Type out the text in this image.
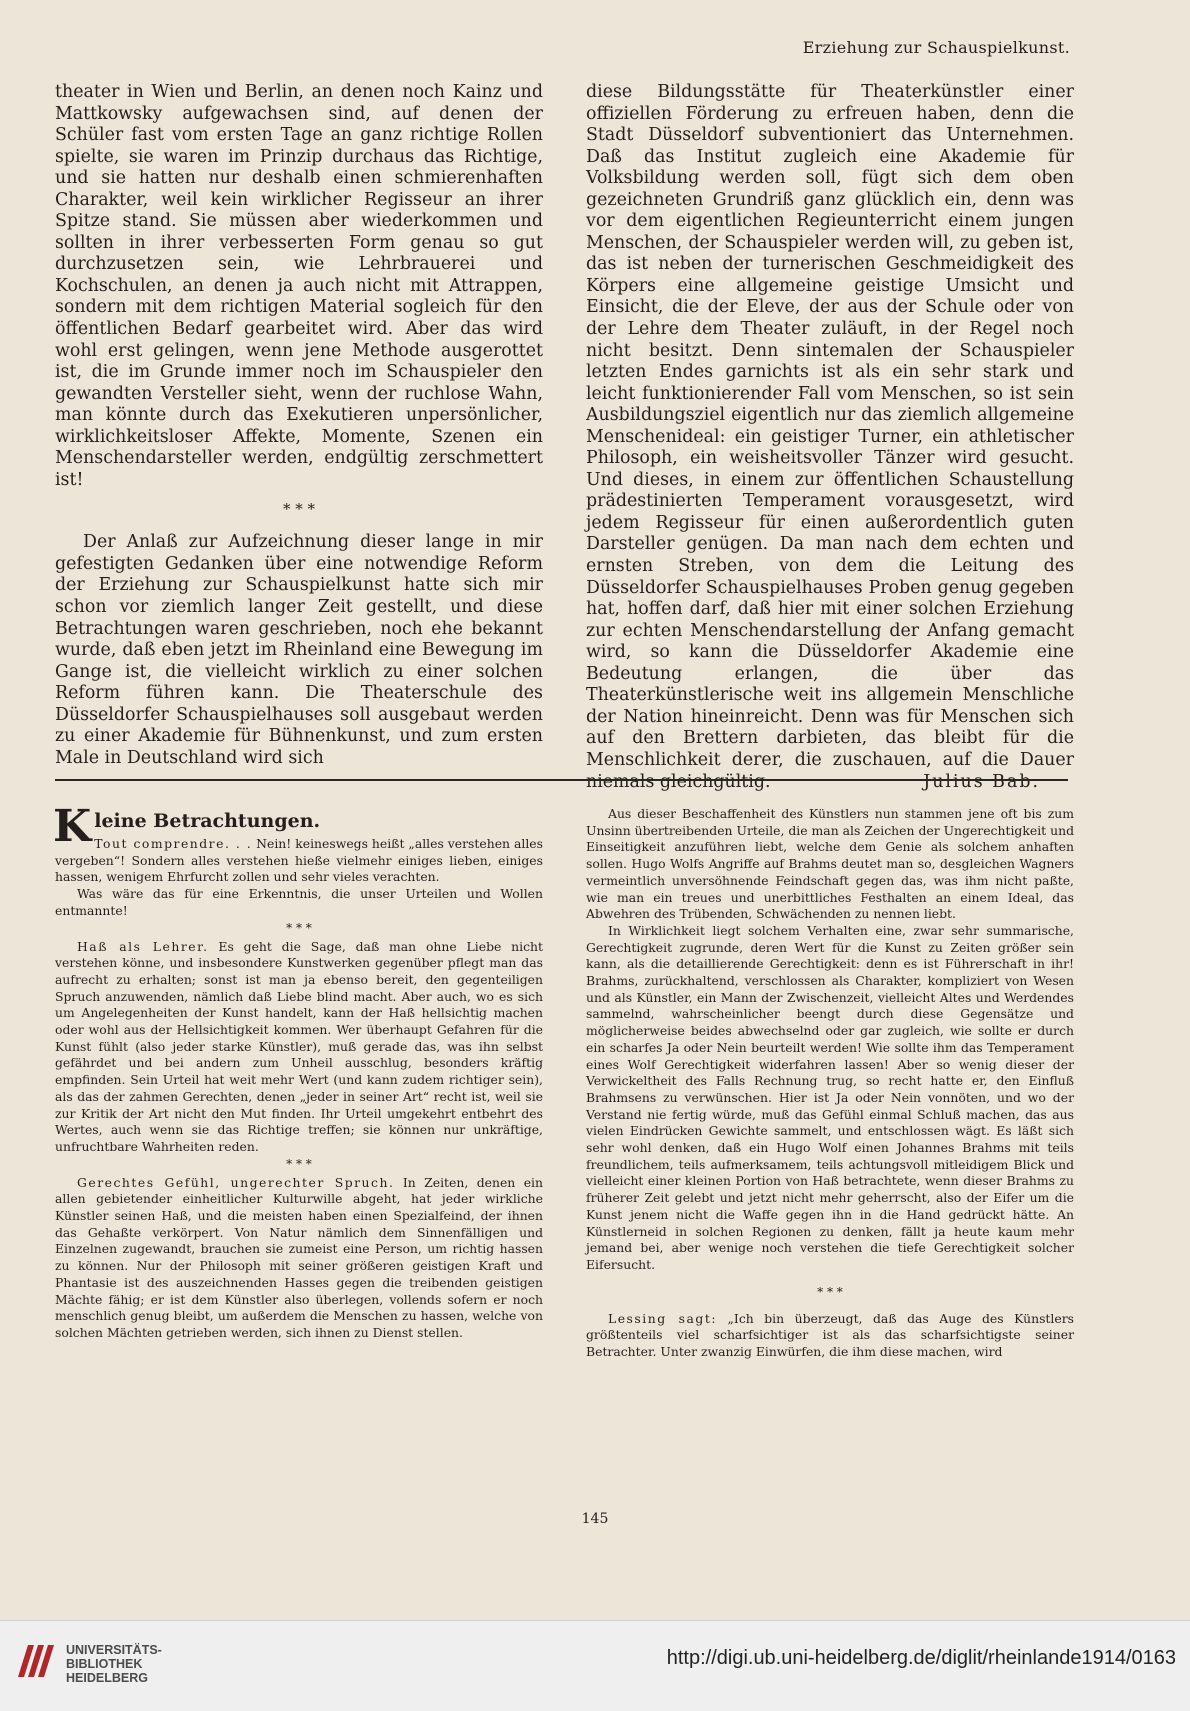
Erziehung zur Schauspielkunst.

theater in Wien und Berlin, an denen noch Kainz und Mattkowsky aufgewachsen sind, auf denen der Schüler fast vom ersten Tage an ganz richtige Rollen spielte, sie waren im Prinzip durchaus das Richtige, und sie hatten nur deshalb einen schmierenhaften Charakter, weil kein wirklicher Regisseur an ihrer Spitze stand. Sie müssen aber wiederkommen und sollten in ihrer verbesserten Form genau so gut durchzusetzen sein, wie Lehrbrauerei und Kochschulen, an denen ja auch nicht mit Attrappen, sondern mit dem richtigen Material sogleich für den öffentlichen Bedarf gearbeitet wird. Aber das wird wohl erst gelingen, wenn jene Methode ausgerottet ist, die im Grunde immer noch im Schauspieler den gewandten Versteller sieht, wenn der ruchlose Wahn, man könnte durch das Exekutieren unpersönlicher, wirklichkeitsloser Affekte, Momente, Szenen ein Menschendarsteller werden, endgültig zerschmettert ist!

* * *

Der Anlaß zur Aufzeichnung dieser lange in mir gefestigten Gedanken über eine notwendige Reform der Erziehung zur Schauspielkunst hatte sich mir schon vor ziemlich langer Zeit gestellt, und diese Betrachtungen waren geschrieben, noch ehe bekannt wurde, daß eben jetzt im Rheinland eine Bewegung im Gange ist, die vielleicht wirklich zu einer solchen Reform führen kann. Die Theaterschule des Düsseldorfer Schauspielhauses soll ausgebaut werden zu einer Akademie für Bühnenkunst, und zum ersten Male in Deutschland wird sich

diese Bildungsstätte für Theaterkünstler einer offiziellen Förderung zu erfreuen haben, denn die Stadt Düsseldorf subventioniert das Unternehmen. Daß das Institut zugleich eine Akademie für Volksbildung werden soll, fügt sich dem oben gezeichneten Grundriß ganz glücklich ein, denn was vor dem eigentlichen Regieunterricht einem jungen Menschen, der Schauspieler werden will, zu geben ist, das ist neben der turnerischen Geschmeidigkeit des Körpers eine allgemeine geistige Umsicht und Einsicht, die der Eleve, der aus der Schule oder von der Lehre dem Theater zuläuft, in der Regel noch nicht besitzt. Denn sintemalen der Schauspieler letzten Endes garnichts ist als ein sehr stark und leicht funktionierender Fall vom Menschen, so ist sein Ausbildungsziel eigentlich nur das ziemlich allgemeine Menschenideal: ein geistiger Turner, ein athletischer Philosoph, ein weisheitsvoller Tänzer wird gesucht. Und dieses, in einem zur öffentlichen Schaustellung prädestinierten Temperament vorausgesetzt, wird jedem Regisseur für einen außerordentlich guten Darsteller genügen. Da man nach dem echten und ernsten Streben, von dem die Leitung des Düsseldorfer Schauspielhauses Proben genug gegeben hat, hoffen darf, daß hier mit einer solchen Erziehung zur echten Menschendarstellung der Anfang gemacht wird, so kann die Düsseldorfer Akademie eine Bedeutung erlangen, die über das Theaterkünstlerische weit ins allgemein Menschliche der Nation hineinreicht. Denn was für Menschen sich auf den Brettern darbieten, das bleibt für die Menschlichkeit derer, die zuschauen, auf die Dauer niemals gleichgültig.	Julius Bab.

Kleine Betrachtungen.

Tout comprendre. . . Nein! keineswegs heißt „alles verstehen alles vergeben“! Sondern alles verstehen hieße vielmehr einiges lieben, einiges hassen, wenigem Ehrfurcht zollen und sehr vieles verachten.

Was wäre das für eine Erkenntnis, die unser Urteilen und Wollen entmannte!

* * *

Haß als Lehrer. Es geht die Sage, daß man ohne Liebe nicht verstehen könne, und insbesondere Kunstwerken gegenüber pflegt man das aufrecht zu erhalten; sonst ist man ja ebenso bereit, den gegenteiligen Spruch anzuwenden, nämlich daß Liebe blind macht. Aber auch, wo es sich um Angelegenheiten der Kunst handelt, kann der Haß hellsichtig machen oder wohl aus der Hellsichtigkeit kommen. Wer überhaupt Gefahren für die Kunst fühlt (also jeder starke Künstler), muß gerade das, was ihn selbst gefährdet und bei andern zum Unheil ausschlug, besonders kräftig empfinden. Sein Urteil hat weit mehr Wert (und kann zudem richtiger sein), als das der zahmen Gerechten, denen „jeder in seiner Art“ recht ist, weil sie zur Kritik der Art nicht den Mut finden. Ihr Urteil umgekehrt entbehrt des Wertes, auch wenn sie das Richtige treffen; sie können nur unkräftige, unfruchtbare Wahrheiten reden.

* * *

Gerechtes Gefühl, ungerechter Spruch. In Zeiten, denen ein allen gebietender einheitlicher Kulturwille abgeht, hat jeder wirkliche Künstler seinen Haß, und die meisten haben einen Spezialfeind, der ihnen das Gehaßte verkörpert. Von Natur nämlich dem Sinnenfälligen und Einzelnen zugewandt, brauchen sie zumeist eine Person, um richtig hassen zu können. Nur der Philosoph mit seiner größeren geistigen Kraft und Phantasie ist des auszeichnenden Hasses gegen die treibenden geistigen Mächte fähig; er ist dem Künstler also überlegen, vollends sofern er noch menschlich genug bleibt, um außerdem die Menschen zu hassen, welche von solchen Mächten getrieben werden, sich ihnen zu Dienst stellen.

Aus dieser Beschaffenheit des Künstlers nun stammen jene oft bis zum Unsinn übertreibenden Urteile, die man als Zeichen der Ungerechtigkeit und Einseitigkeit anzuführen liebt, welche dem Genie als solchem anhaften sollen. Hugo Wolfs Angriffe auf Brahms deutet man so, desgleichen Wagners vermeintlich unversöhnende Feindschaft gegen das, was ihm nicht paßte, wie man ein treues und unerbittliches Festhalten an einem Ideal, das Abwehren des Trübenden, Schwächenden zu nennen liebt.

In Wirklichkeit liegt solchem Verhalten eine, zwar sehr summarische, Gerechtigkeit zugrunde, deren Wert für die Kunst zu Zeiten größer sein kann, als die detaillierende Gerechtigkeit: denn es ist Führerschaft in ihr! Brahms, zurückhaltend, verschlossen als Charakter, kompliziert von Wesen und als Künstler, ein Mann der Zwischenzeit, vielleicht Altes und Werdendes sammelnd, wahrscheinlicher beengt durch diese Gegensätze und möglicherweise beides abwechselnd oder gar zugleich, wie sollte er durch ein scharfes Ja oder Nein beurteilt werden! Wie sollte ihm das Temperament eines Wolf Gerechtigkeit widerfahren lassen! Aber so wenig dieser der Verwickeltheit des Falls Rechnung trug, so recht hatte er, den Einfluß Brahmsens zu verwünschen. Hier ist Ja oder Nein vonnöten, und wo der Verstand nie fertig würde, muß das Gefühl einmal Schluß machen, das aus vielen Eindrücken Gewichte sammelt, und entschlossen wägt. Es läßt sich sehr wohl denken, daß ein Hugo Wolf einen Johannes Brahms mit teils freundlichem, teils aufmerksamem, teils achtungsvoll mitleidigem Blick und vielleicht einer kleinen Portion von Haß betrachtete, wenn dieser Brahms zu früherer Zeit gelebt und jetzt nicht mehr geherrscht, also der Eifer um die Kunst jenem nicht die Waffe gegen ihn in die Hand gedrückt hätte. An Künstlerneid in solchen Regionen zu denken, fällt ja heute kaum mehr jemand bei, aber wenige noch verstehen die tiefe Gerechtigkeit solcher Eifersucht.

* * *

Lessing sagt: „Ich bin überzeugt, daß das Auge des Künstlers größtenteils viel scharfsichtiger ist als das scharfsichtigste seiner Betrachter. Unter zwanzig Einwürfen, die ihm diese machen, wird

145
UNIVERSITÄTS-
BIBLIOTHEK
HEIDELBERG
http://digi.ub.uni-heidelberg.de/diglit/rheinlande1914/0163
